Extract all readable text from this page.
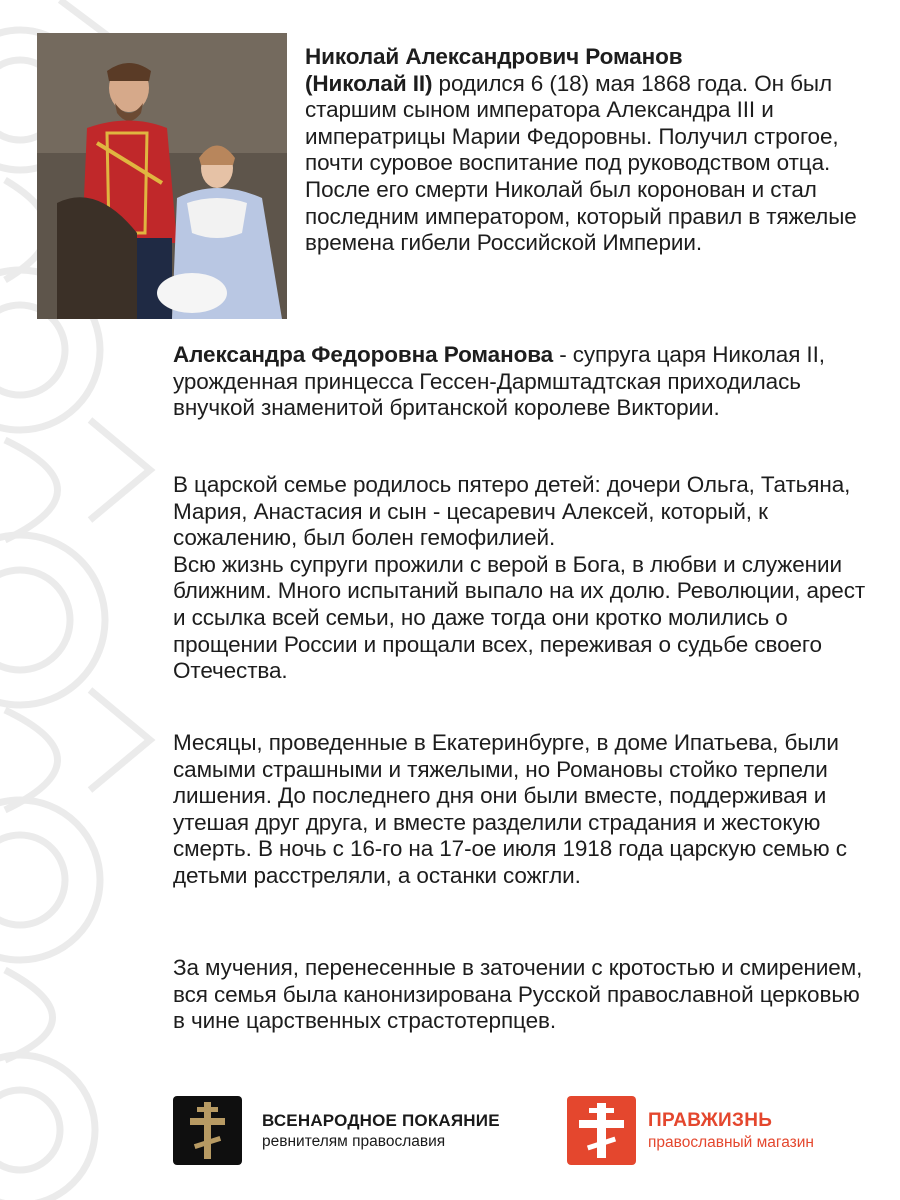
Николай Александрович Романов
(Николай II) родился 6 (18) мая 1868 года. Он был старшим сыном императора Александра III и императрицы Марии Федоровны. Получил строгое, почти суровое воспитание под руководством отца. После его смерти Николай был коронован и стал последним императором, который правил в тяжелые времена гибели Российской Империи.

Александра Федоровна Романова - супруга царя Николая II, урожденная принцесса Гессен-Дармштадтская приходилась внучкой знаменитой британской королеве Виктории.

В царской семье родилось пятеро детей: дочери Ольга, Татьяна, Мария, Анастасия и сын - цесаревич Алексей, который, к сожалению, был болен гемофилией.

Всю жизнь супруги прожили с верой в Бога, в любви и служении ближним. Много испытаний выпало на их долю. Революции, арест и ссылка всей семьи, но даже тогда они кротко молились о прощении России и прощали всех, переживая о судьбе своего Отечества.

Месяцы, проведенные в Екатеринбурге, в доме Ипатьева, были самыми страшными и тяжелыми, но Романовы стойко терпели лишения. До последнего дня они были вместе, поддерживая и утешая друг друга, и вместе разделили страдания и жестокую смерть. В ночь с 16-го на 17-ое июля 1918 года царскую семью с детьми расстреляли, а останки сожгли.

За мучения, перенесенные в заточении с кротостью и смирением, вся семья была канонизирована Русской православной церковью в чине царственных страстотерпцев.

ВСЕНАРОДНОЕ ПОКАЯНИЕ
ревнителям православия
ПРАВЖИЗНЬ
православный магазин
